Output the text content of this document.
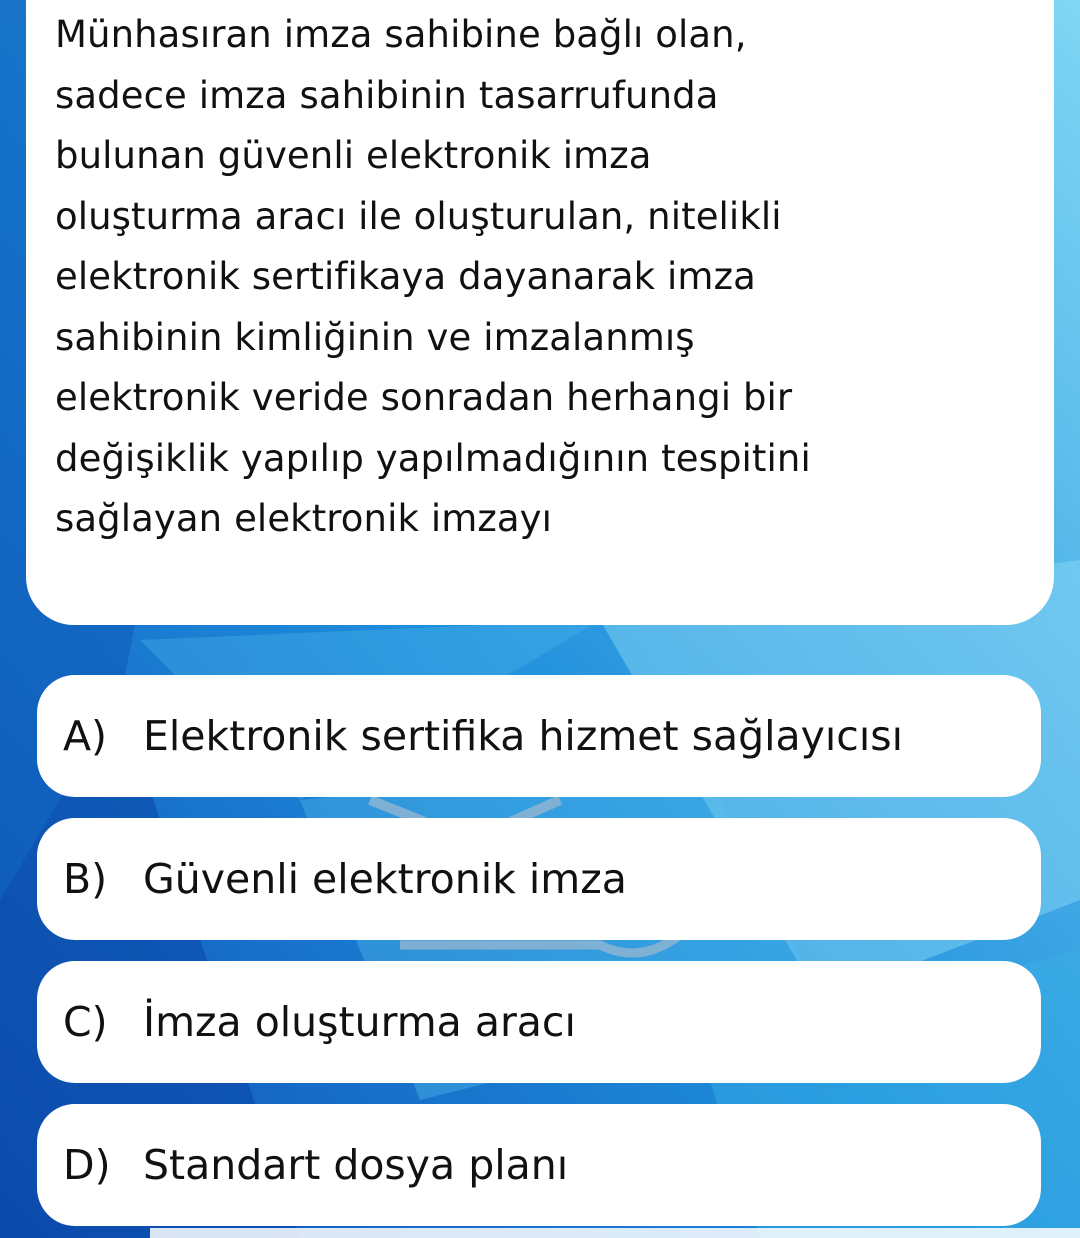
Münhasıran imza sahibine bağlı olan,
sadece imza sahibinin tasarrufunda
bulunan güvenli elektronik imza
oluşturma aracı ile oluşturulan, nitelikli
elektronik sertifikaya dayanarak imza
sahibinin kimliğinin ve imzalanmış
elektronik veride sonradan herhangi bir
değişiklik yapılıp yapılmadığının tespitini
sağlayan elektronik imzayı

A) Elektronik sertifika hizmet sağlayıcısı
B) Güvenli elektronik imza
C) İmza oluşturma aracı
D) Standart dosya planı
